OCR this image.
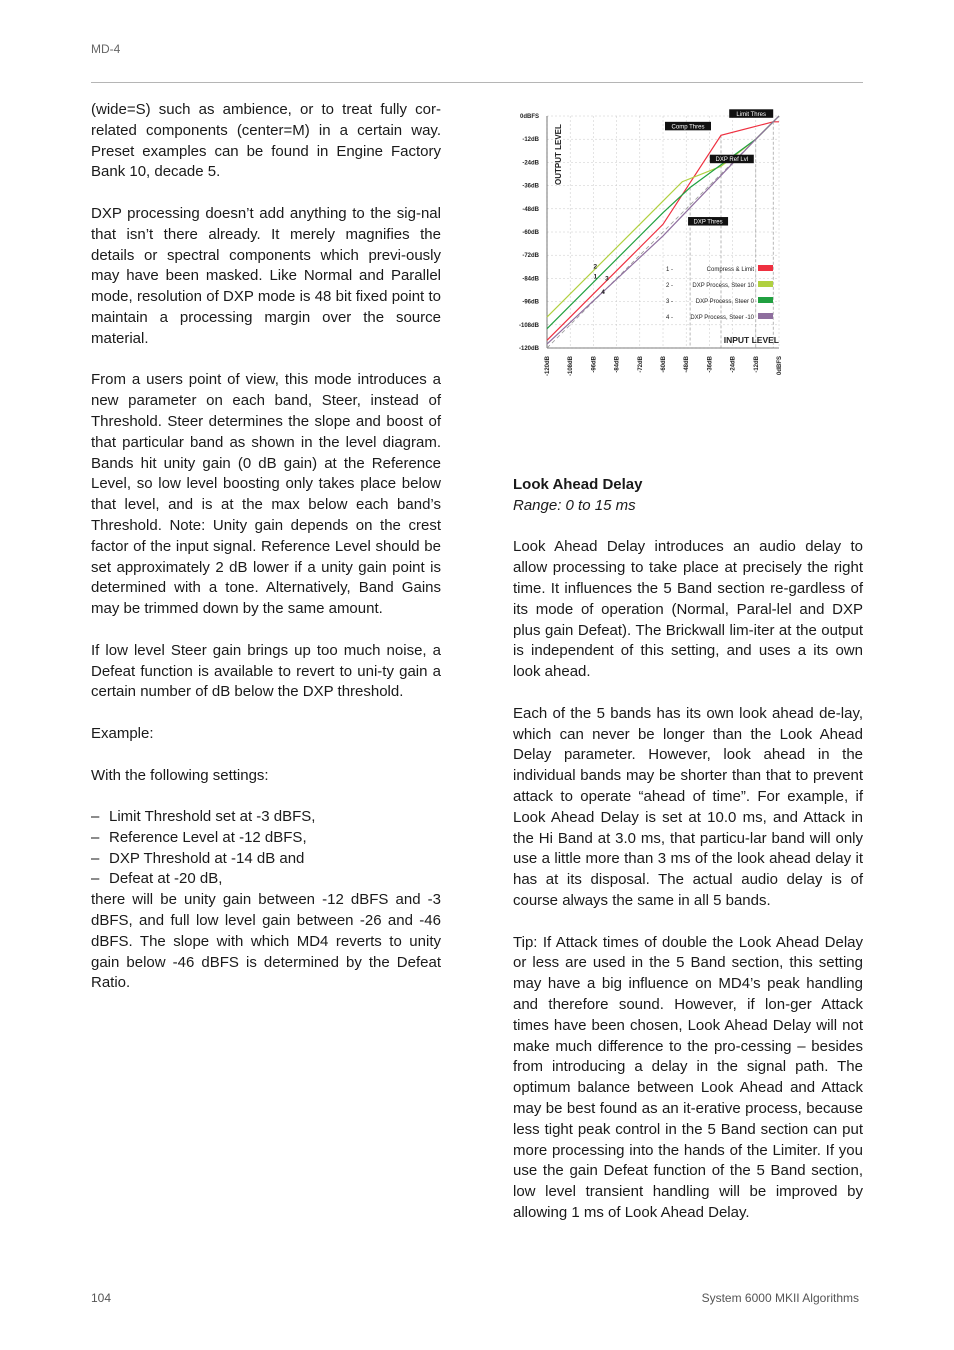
MD-4

(wide=S) such as ambience, or to treat fully cor-related components (center=M) in a certain way. Preset examples can be found in Engine Factory Bank 10, decade 5.

DXP processing doesn’t add anything to the sig-nal that isn’t there already. It merely magnifies the details or spectral components which previ-ously may have been masked. Like Normal and Parallel mode, resolution of DXP mode is 48 bit fixed point to maintain a processing margin over the source material.

From a users point of view, this mode introduces a new parameter on each band, Steer, instead of Threshold. Steer determines the slope and boost of that particular band as shown in the level diagram. Bands hit unity gain (0 dB gain) at the Reference Level, so low level boosting only takes place below that level, and is at the max below each band’s Threshold. Note: Unity gain depends on the crest factor of the input signal. Reference Level should be set approximately 2 dB lower if a unity gain point is determined with a tone. Alternatively, Band Gains may be trimmed down by the same amount.

If low level Steer gain brings up too much noise, a Defeat function is available to revert to uni-ty gain a certain number of dB below the DXP threshold.

Example:

With the following settings:

– Limit Threshold set at -3 dBFS,
– Reference Level at -12 dBFS,
– DXP Threshold at -14 dB and
– Defeat at -20 dB,

there will be unity gain between -12 dBFS and -3 dBFS, and full low level gain between -26 and -46 dBFS. The slope with which MD4 reverts to unity gain below -46 dBFS is determined by the Defeat Ratio.

2
1 3
4
Limit Thres
Comp Thres
DXP Ref Lvl
DXP Thres
-120dB	-108dB	-96dB	-84dB	-72dB	-60dB	-48dB	-36dB	-24dB	-12dB	0dBFS
0dBFS
-12dB
-24dB
-36dB
-48dB
-60dB
-72dB
-84dB
-96dB
-108dB
-120dB
OUTPUT LEVEL
INPUT LEVEL
1 -	Compress & Limit
2 -	DXP Process, Steer 10
3 -	DXP Process, Steer 0
4 -	DXP Process, Steer -10
Look Ahead Delay

Range: 0 to 15 ms

Look Ahead Delay introduces an audio delay to allow processing to take place at precisely the right time. It influences the 5 Band section re-gardless of its mode of operation (Normal, Paral-lel and DXP plus gain Defeat). The Brickwall lim-iter at the output is independent of this setting, and uses a its own look ahead.

Each of the 5 bands has its own look ahead de-lay, which can never be longer than the Look Ahead Delay parameter. However, look ahead in the individual bands may be shorter than that to prevent attack to operate “ahead of time”. For example, if Look Ahead Delay is set at 10.0 ms, and Attack in the Hi Band at 3.0 ms, that particu-lar band will only use a little more than 3 ms of the look ahead delay it has at its disposal. The actual audio delay is of course always the same in all 5 bands.

Tip: If Attack times of double the Look Ahead Delay or less are used in the 5 Band section, this setting may have a big influence on MD4’s peak handling and therefore sound. However, if lon-ger Attack times have been chosen, Look Ahead Delay will not make much difference to the pro-cessing – besides from introducing a delay in the signal path. The optimum balance between Look Ahead and Attack may be best found as an it-erative process, because less tight peak control in the 5 Band section can put more processing into the hands of the Limiter. If you use the gain Defeat function of the 5 Band section, low level transient handling will be improved by allowing 1 ms of Look Ahead Delay.

104	System 6000 MKII Algorithms
